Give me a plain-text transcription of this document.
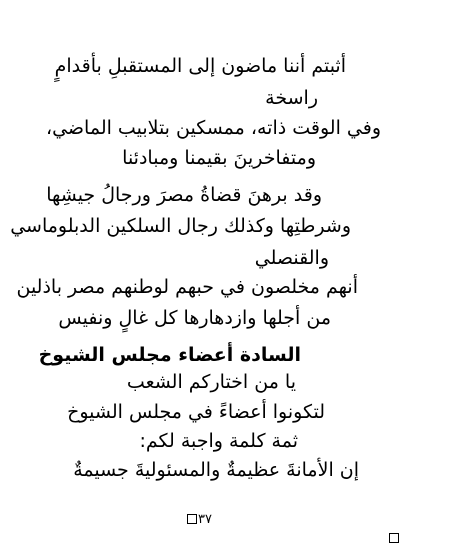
أثبتم أننا ماضون إلى المستقبلِ بأقدامٍ
راسخة
وفي الوقت ذاته، ممسكين بتلابيب الماضي،
ومتفاخرينَ بقيمنا ومبادئنا
وقد برهنَ قضاةُ مصرَ ورجالُ جيشِها
وشرطتِها وكذلك رجال السلكين الدبلوماسي
والقنصلي
أنهم مخلصون في حبهم لوطنهم مصر باذلين
من أجلها وازدهارها كل غالٍ ونفيس
السادة أعضاء مجلس الشيوخ
يا من اختاركم الشعب
لتكونوا أعضاءً في مجلس الشيوخ
ثمة كلمة واجبة لكم:
إن الأمانةَ عظيمةٌ والمسئوليةَ جسيمةٌ
٣٧
